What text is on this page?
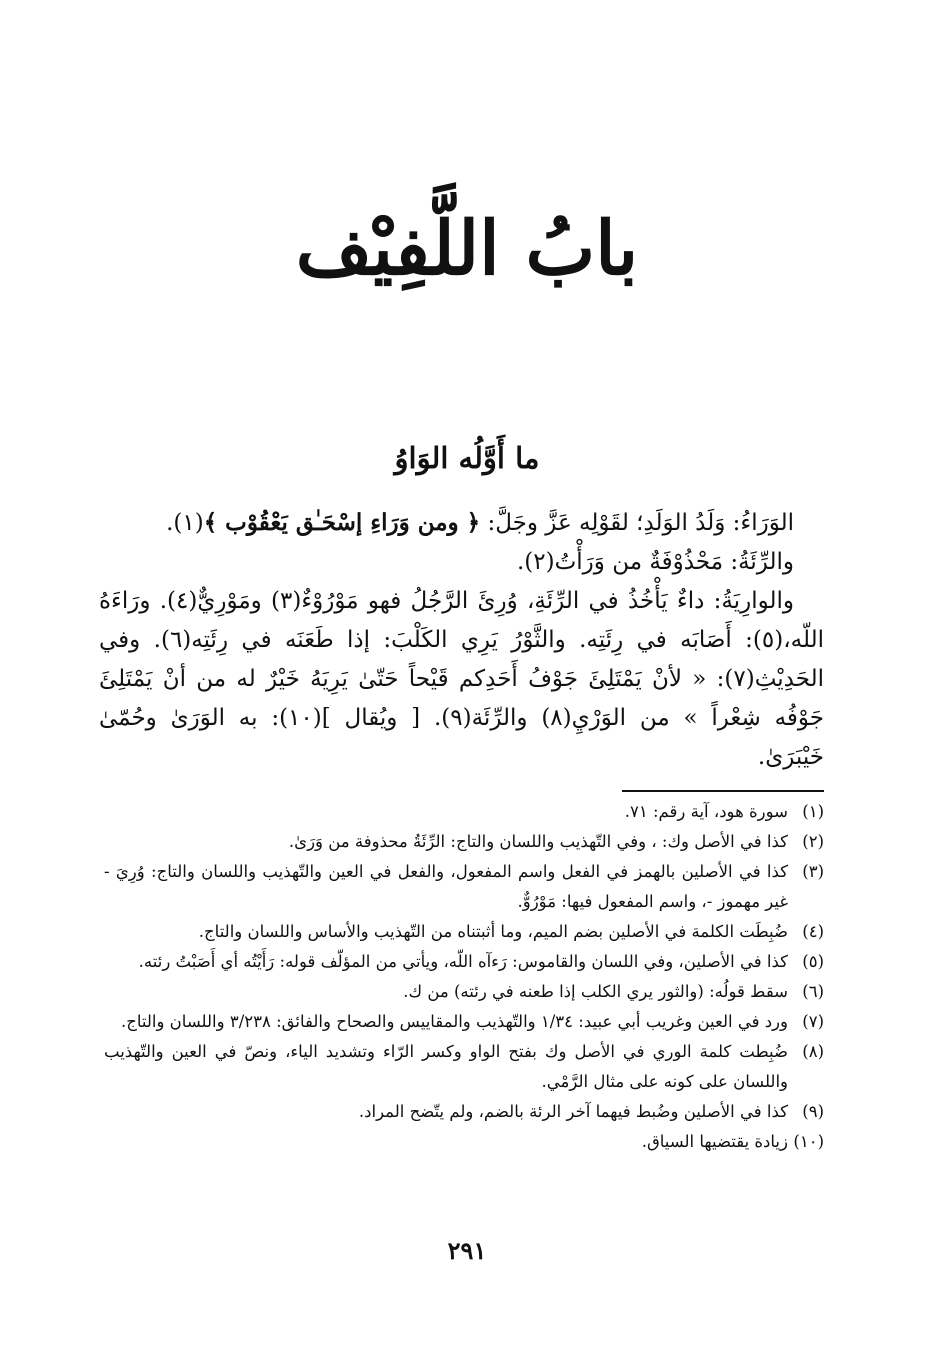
بابُ اللَّفِيْف
ما أَوَّلُه الوَاوُ

الوَرَاءُ: وَلَدُ الوَلَدِ؛ لقَوْلِه عَزَّ وجَلَّ: ﴿ ومن وَرَاءِ إسْحَـٰق يَعْقُوْب ﴾(١).

والرِّئَةُ: مَحْذُوْفَةٌ من وَرَأْتُ(٢).

والوارِيَةُ: داءٌ يَأْخُذُ في الرِّئَةِ، وُرِئَ الرَّجُلُ فهو مَوْرُوْءٌ(٣) ومَوْرِيٌّ(٤). ورَاءَهُ اللّه،(٥): أَصَابَه في رِئَتِه. والثَّوْرُ يَرِي الكَلْبَ: إذا طَعَنَه في رِئَتِه(٦). وفي الحَدِيْثِ(٧): « لأنْ يَمْتَلِئَ جَوْفُ أَحَدِكم قَيْحاً حَتّىٰ يَرِيَهُ خَيْرٌ له من أنْ يَمْتَلِئَ جَوْفُه شِعْراً » من الوَرْيِ(٨) والرِّئَة(٩). [ ويُقال ](١٠): به الوَرَىٰ وحُمّىٰ خَيْبَرَىٰ.

(١)
سورة هود، آية رقم: ٧١.
(٢)
كذا في الأصل وك: ، وفي التّهذيب واللسان والتاج: الرِّئَةُ محذوفة من وَرَىٰ.
(٣)
كذا في الأصلين بالهمز في الفعل واسم المفعول، والفعل في العين والتّهذيب واللسان والتاج: وُرِيَ - غير مهموز -، واسم المفعول فيها: مَوْرُوٌّ.
(٤)
ضُبِطَت الكلمة في الأصلين بضم الميم، وما أثبتناه من التّهذيب والأساس واللسان والتاج.
(٥)
كذا في الأصلين، وفي اللسان والقاموس: رَءآه اللّه، ويأتي من المؤلّف قوله: رَأَيْتُه أي أَصَبْتُ رئته.
(٦)
سقط قولُه: (والثور يري الكلب إذا طعنه في رئته) من ك.
(٧)
ورد في العين وغريب أبي عبيد: ١/٣٤ والتّهذيب والمقاييس والصحاح والفائق: ٣/٢٣٨ واللسان والتاج.
(٨)
ضُبِطت كلمة الوري في الأصل وك بفتح الواو وكسر الرّاء وتشديد الياء، ونصّ في العين والتّهذيب واللسان على كونه على مثال الرَّمْي.
(٩)
كذا في الأصلين وضُبط فيهما آخر الرئة بالضم، ولم يتّضح المراد.
(١٠)
زيادة يقتضيها السياق.
٢٩١
